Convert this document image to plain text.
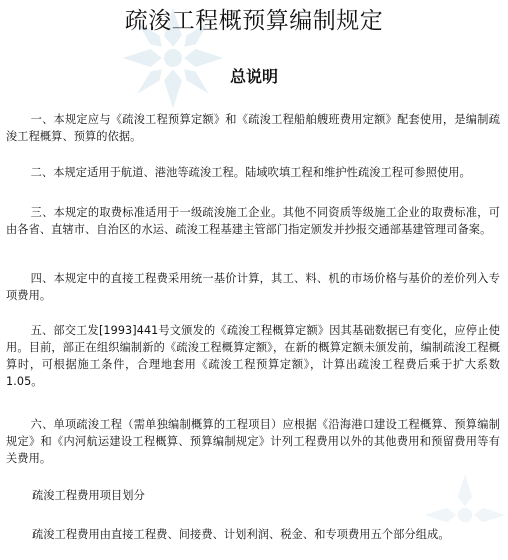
疏浚工程概预算编制规定
总说明
一、本规定应与《疏浚工程预算定额》和《疏浚工程船舶艘班费用定额》配套使用，是编制疏浚工程概算、预算的依据。
二、本规定适用于航道、港池等疏浚工程。陆域吹填工程和维护性疏浚工程可参照使用。
三、本规定的取费标准适用于一级疏浚施工企业。其他不同资质等级施工企业的取费标准，可由各省、直辖市、自治区的水运、疏浚工程基建主管部门指定颁发并抄报交通部基建管理司备案。
四、本规定中的直接工程费采用统一基价计算，其工、料、机的市场价格与基价的差价列入专项费用。
五、部交工发[1993]441号文颁发的《疏浚工程概算定额》因其基础数据已有变化，应停止使用。目前，部正在组织编制新的《疏浚工程概算定额》，在新的概算定额未颁发前，编制疏浚工程概算时，可根据施工条件，合理地套用《疏浚工程预算定额》，计算出疏浚工程费后乘于扩大系数1.05。
六、单项疏浚工程（需单独编制概算的工程项目）应根据《沿海港口建设工程概算、预算编制规定》和《内河航运建设工程概算、预算编制规定》计列工程费用以外的其他费用和预留费用等有关费用。
疏浚工程费用项目划分
疏浚工程费用由直接工程费、间接费、计划利润、税金、和专项费用五个部分组成。
